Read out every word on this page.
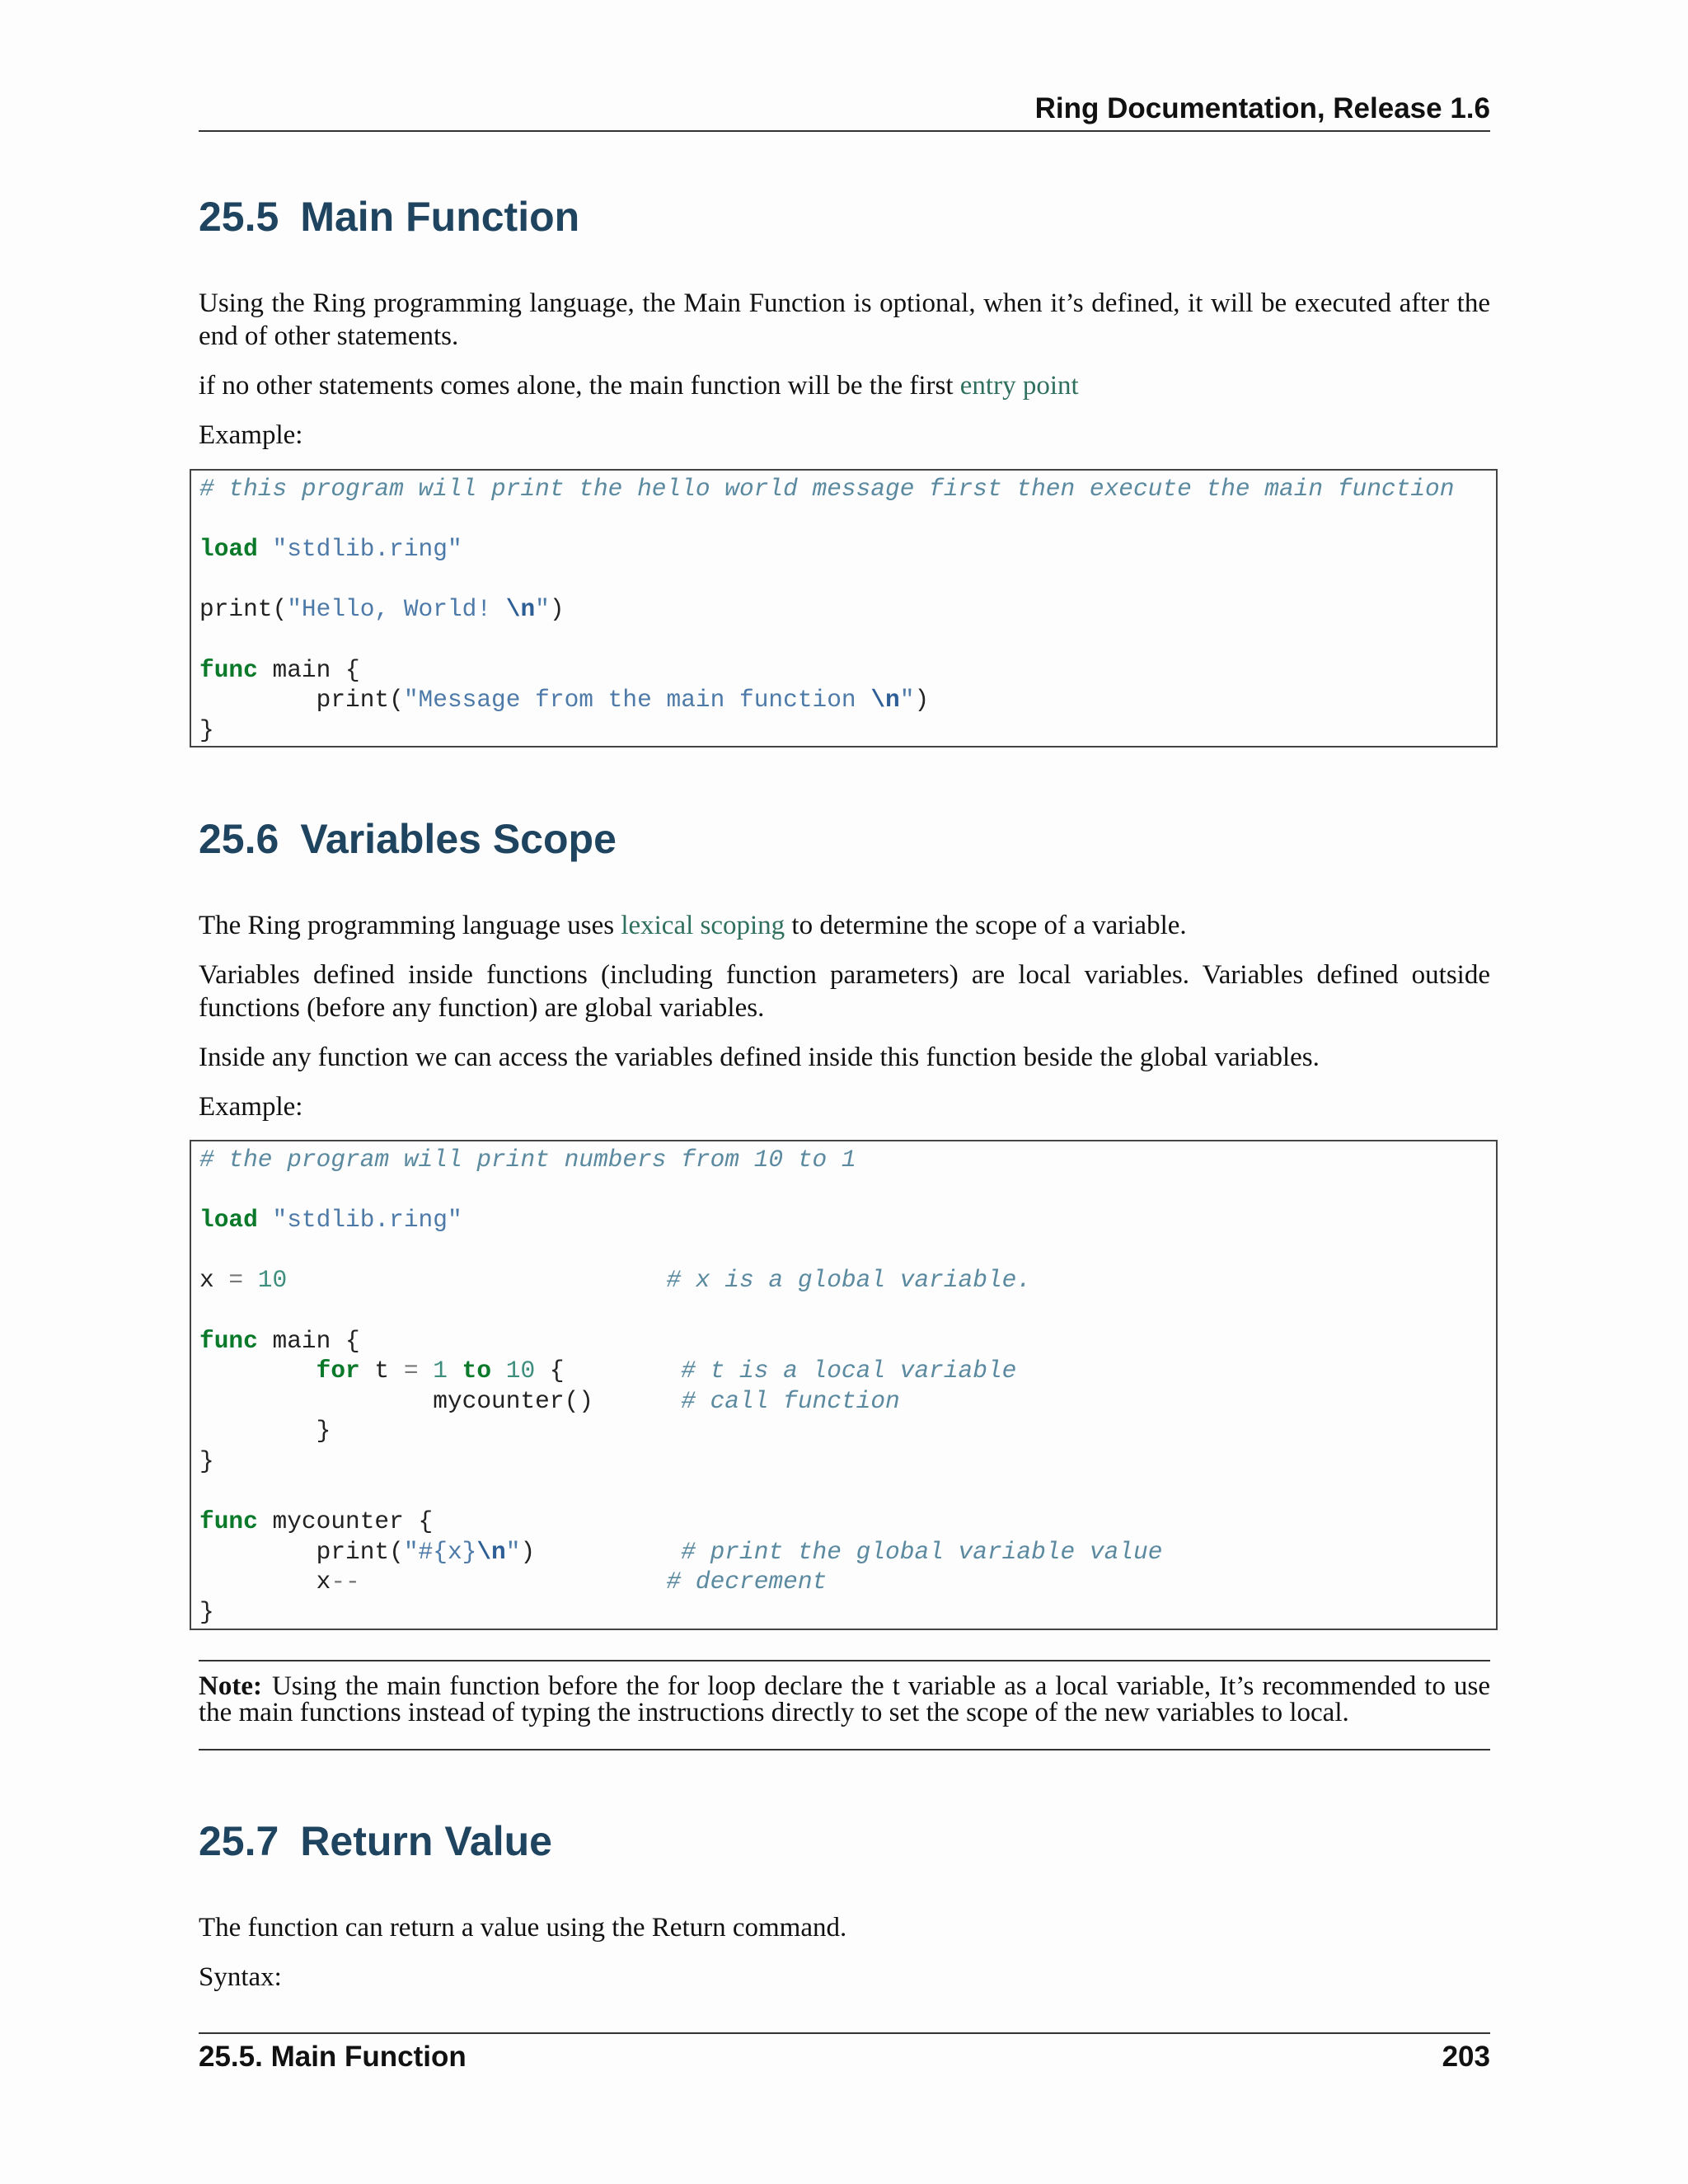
Ring Documentation, Release 1.6
25.5 Main Function

Using the Ring programming language, the Main Function is optional, when it’s defined, it will be executed after the end of other statements.

if no other statements comes alone, the main function will be the first entry point

Example:

# this program will print the hello world message first then execute the main function

load "stdlib.ring"

print("Hello, World! \n")

func main {
print("Message from the main function \n")
}
25.6 Variables Scope

The Ring programming language uses lexical scoping to determine the scope of a variable.

Variables defined inside functions (including function parameters) are local variables. Variables defined outside functions (before any function) are global variables.

Inside any function we can access the variables defined inside this function beside the global variables.

Example:

# the program will print numbers from 10 to 1

load "stdlib.ring"

x = 10	# x is a global variable.

func main {
for t = 1 to 10 {	# t is a local variable
mycounter()      # call function
}
}

func mycounter {
print("#{x}\n")	# print the global variable value
x--	# decrement
}
Note: Using the main function before the for loop declare the t variable as a local variable, It’s recommended to use the main functions instead of typing the instructions directly to set the scope of the new variables to local.
25.7 Return Value

The function can return a value using the Return command.

Syntax:

25.5. Main Function	203
